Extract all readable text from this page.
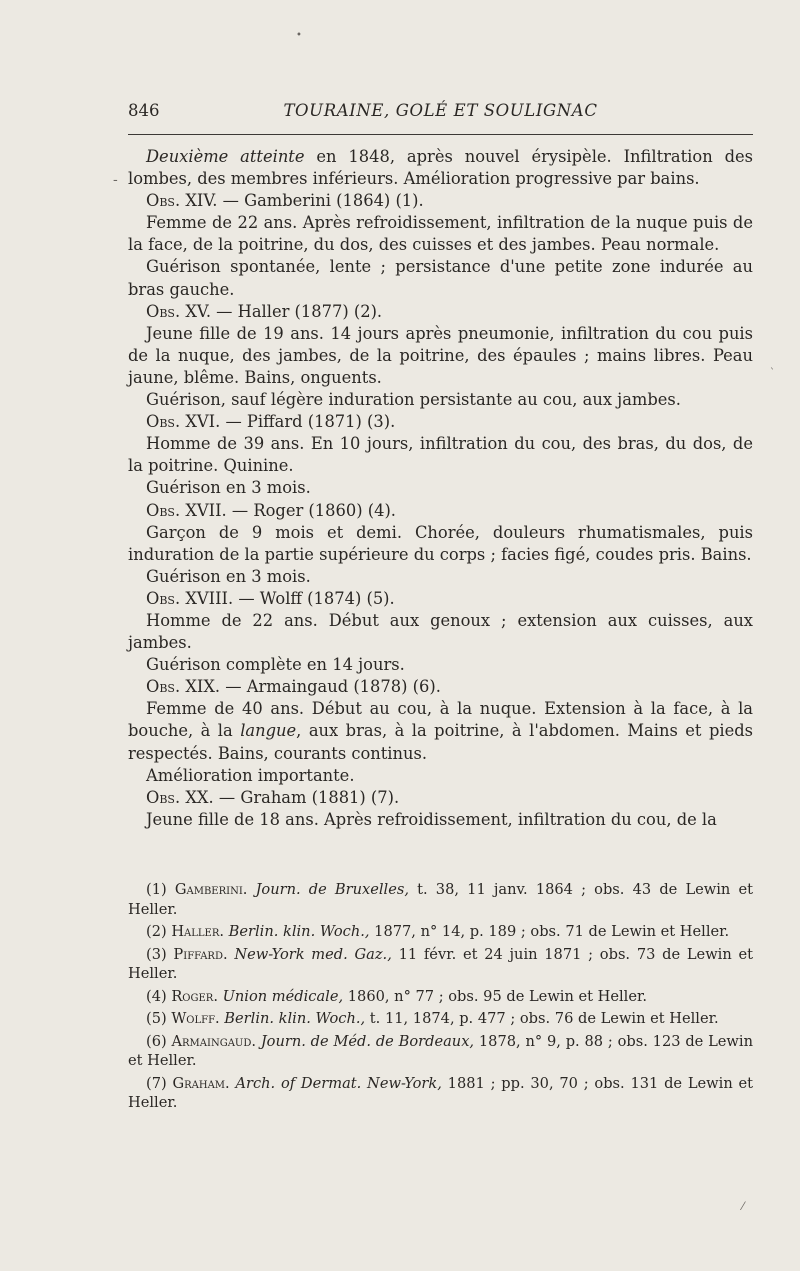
•
-
`
⁄
846	TOURAINE, GOLÉ ET SOULIGNAC

Deuxième atteinte en 1848, après nouvel érysipèle. Infiltration des lombes, des membres inférieurs. Amélioration progressive par bains.

Obs. XIV. — Gamberini (1864) (1).

Femme de 22 ans. Après refroidissement, infiltration de la nuque puis de la face, de la poitrine, du dos, des cuisses et des jambes. Peau normale.

Guérison spontanée, lente ; persistance d'une petite zone indurée au bras gauche.

Obs. XV. — Haller (1877) (2).

Jeune fille de 19 ans. 14 jours après pneumonie, infiltration du cou puis de la nuque, des jambes, de la poitrine, des épaules ; mains libres. Peau jaune, blême. Bains, onguents.

Guérison, sauf légère induration persistante au cou, aux jambes.

Obs. XVI. — Piffard (1871) (3).

Homme de 39 ans. En 10 jours, infiltration du cou, des bras, du dos, de la poitrine. Quinine.

Guérison en 3 mois.

Obs. XVII. — Roger (1860) (4).

Garçon de 9 mois et demi. Chorée, douleurs rhumatismales, puis induration de la partie supérieure du corps ; facies figé, coudes pris. Bains.

Guérison en 3 mois.

Obs. XVIII. — Wolff (1874) (5).

Homme de 22 ans. Début aux genoux ; extension aux cuisses, aux jambes.

Guérison complète en 14 jours.

Obs. XIX. — Armaingaud (1878) (6).

Femme de 40 ans. Début au cou, à la nuque. Extension à la face, à la bouche, à la langue, aux bras, à la poitrine, à l'abdomen. Mains et pieds respectés. Bains, courants continus.

Amélioration importante.

Obs. XX. — Graham (1881) (7).

Jeune fille de 18 ans. Après refroidissement, infiltration du cou, de la

(1) Gamberini. Journ. de Bruxelles, t. 38, 11 janv. 1864 ; obs. 43 de Lewin et Heller.

(2) Haller. Berlin. klin. Woch., 1877, n° 14, p. 189 ; obs. 71 de Lewin et Heller.

(3) Piffard. New-York med. Gaz., 11 févr. et 24 juin 1871 ; obs. 73 de Lewin et Heller.

(4) Roger. Union médicale, 1860, n° 77 ; obs. 95 de Lewin et Heller.

(5) Wolff. Berlin. klin. Woch., t. 11, 1874, p. 477 ; obs. 76 de Lewin et Heller.

(6) Armaingaud. Journ. de Méd. de Bordeaux, 1878, n° 9, p. 88 ; obs. 123 de Lewin et Heller.

(7) Graham. Arch. of Dermat. New-York, 1881 ; pp. 30, 70 ; obs. 131 de Lewin et Heller.
